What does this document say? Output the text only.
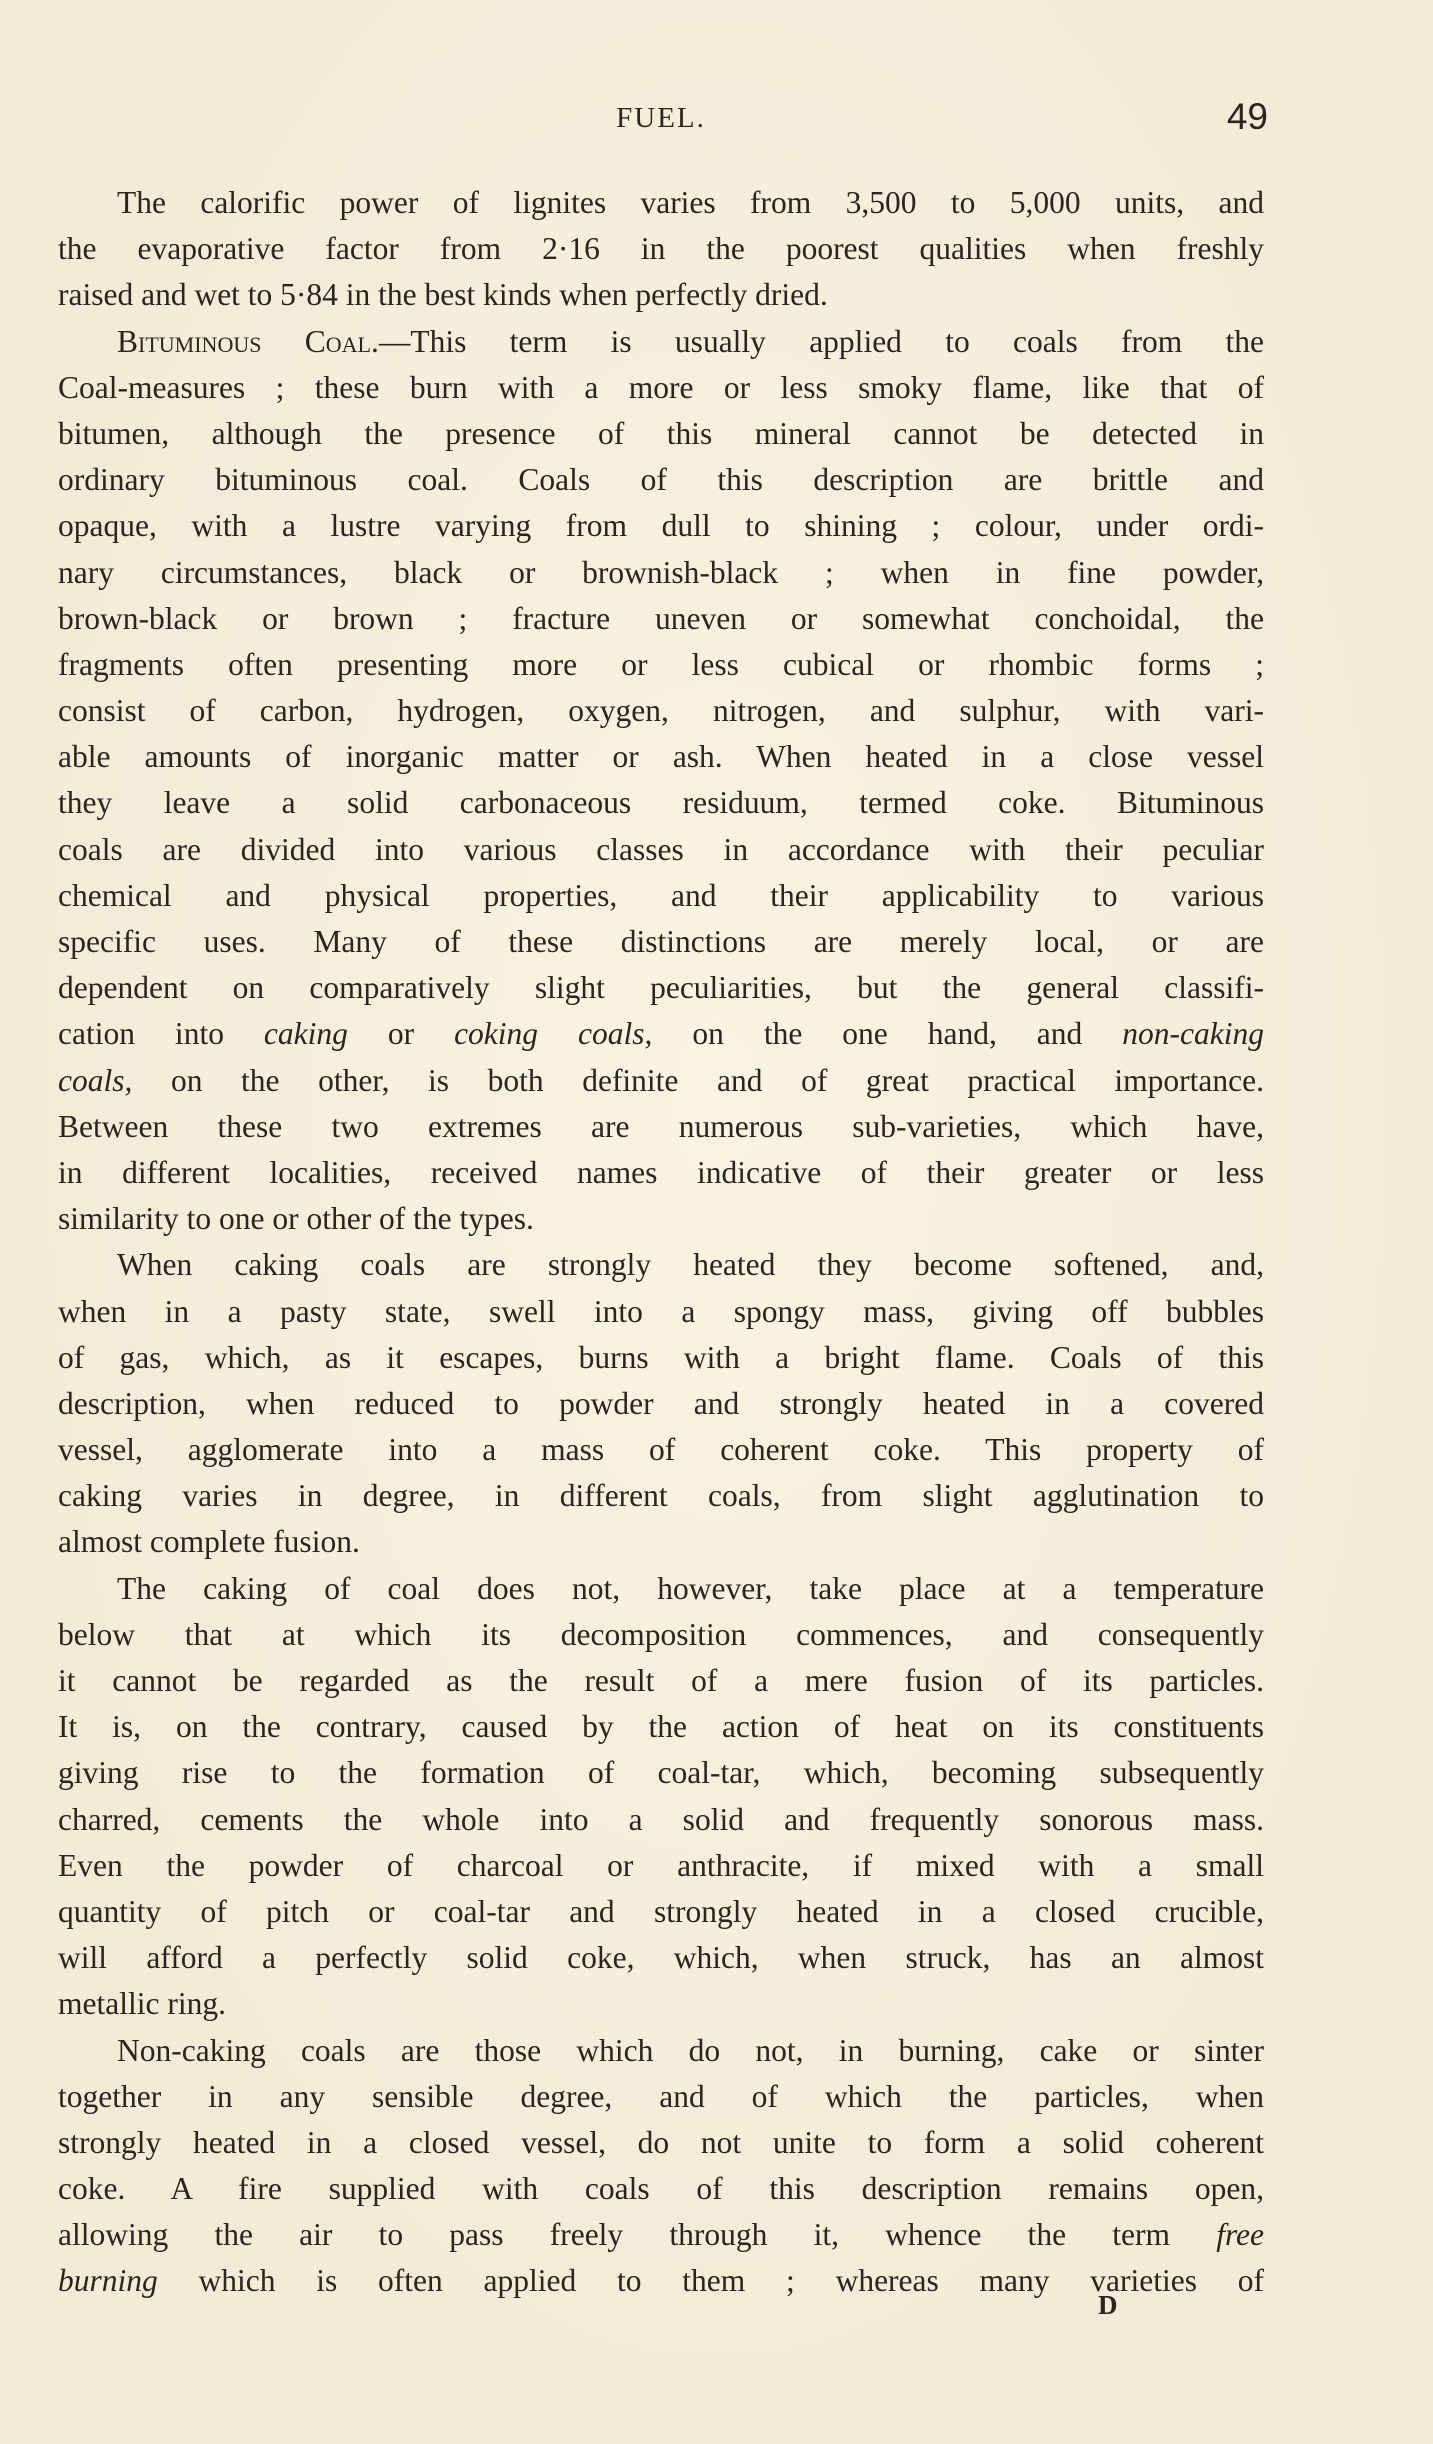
FUEL.	49
The calorific power of lignites varies from 3,500 to 5,000 units, and
the evaporative factor from 2·16 in the poorest qualities when freshly
raised and wet to 5·84 in the best kinds when perfectly dried.
Bituminous Coal.—This term is usually applied to coals from the
Coal-measures ; these burn with a more or less smoky flame, like that of
bitumen, although the presence of this mineral cannot be detected in
ordinary bituminous coal. Coals of this description are brittle and
opaque, with a lustre varying from dull to shining ; colour, under ordi-
nary circumstances, black or brownish-black ; when in fine powder,
brown-black or brown ; fracture uneven or somewhat conchoidal, the
fragments often presenting more or less cubical or rhombic forms ;
consist of carbon, hydrogen, oxygen, nitrogen, and sulphur, with vari-
able amounts of inorganic matter or ash. When heated in a close vessel
they leave a solid carbonaceous residuum, termed coke. Bituminous
coals are divided into various classes in accordance with their peculiar
chemical and physical properties, and their applicability to various
specific uses. Many of these distinctions are merely local, or are
dependent on comparatively slight peculiarities, but the general classifi-
cation into caking or coking coals, on the one hand, and non-caking
coals, on the other, is both definite and of great practical importance.
Between these two extremes are numerous sub-varieties, which have,
in different localities, received names indicative of their greater or less
similarity to one or other of the types.
When caking coals are strongly heated they become softened, and,
when in a pasty state, swell into a spongy mass, giving off bubbles
of gas, which, as it escapes, burns with a bright flame. Coals of this
description, when reduced to powder and strongly heated in a covered
vessel, agglomerate into a mass of coherent coke. This property of
caking varies in degree, in different coals, from slight agglutination to
almost complete fusion.
The caking of coal does not, however, take place at a temperature
below that at which its decomposition commences, and consequently
it cannot be regarded as the result of a mere fusion of its particles.
It is, on the contrary, caused by the action of heat on its constituents
giving rise to the formation of coal-tar, which, becoming subsequently
charred, cements the whole into a solid and frequently sonorous mass.
Even the powder of charcoal or anthracite, if mixed with a small
quantity of pitch or coal-tar and strongly heated in a closed crucible,
will afford a perfectly solid coke, which, when struck, has an almost
metallic ring.
Non-caking coals are those which do not, in burning, cake or sinter
together in any sensible degree, and of which the particles, when
strongly heated in a closed vessel, do not unite to form a solid coherent
coke. A fire supplied with coals of this description remains open,
allowing the air to pass freely through it, whence the term free
burning which is often applied to them ; whereas many varieties of
D
